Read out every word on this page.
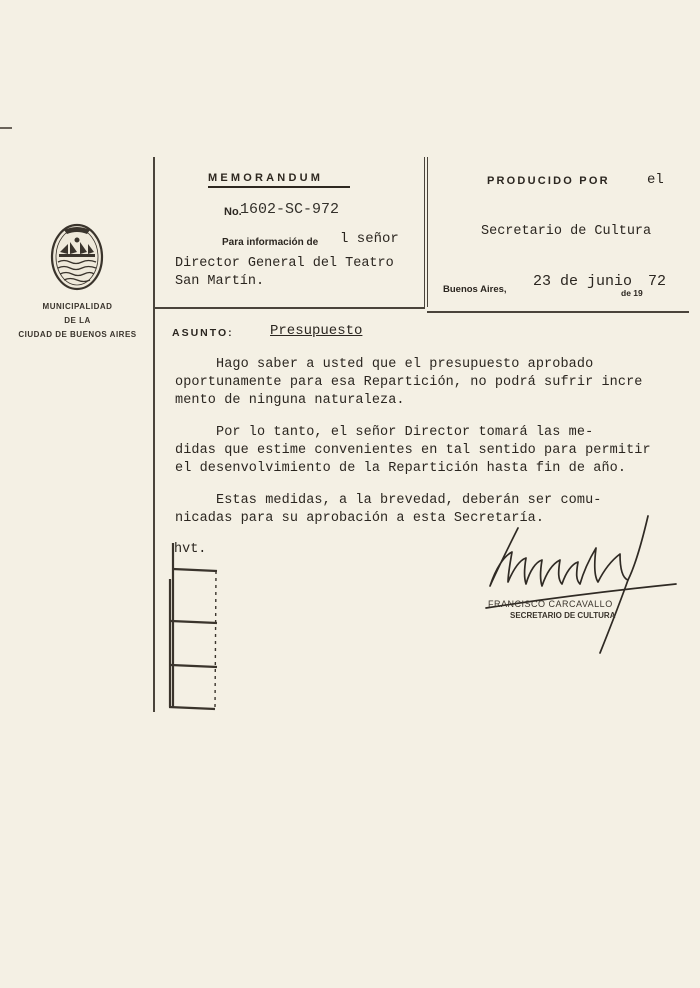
MUNICIPALIDAD
DE LA
CIUDAD DE BUENOS AIRES
MEMORANDUM
No.
1602-SC-972
Para información de l señor
Director General del Teatro
San Martín.
PRODUCIDO POR	el
Secretario de Cultura
Buenos Aires, 23 de junio
de 19
72
ASUNTO:	Presupuesto
Hago saber a usted que el presupuesto aprobado
oportunamente para esa Repartición, no podrá sufrir incre
mento de ninguna naturaleza.
Por lo tanto, el señor Director tomará las me-
didas que estime convenientes en tal sentido para permitir
el desenvolvimiento de la Repartición hasta fin de año.
Estas medidas, a la brevedad, deberán ser comu-
nicadas para su aprobación a esta Secretaría.
hvt.
FRANCISCO CARCAVALLO
SECRETARIO DE CULTURA
